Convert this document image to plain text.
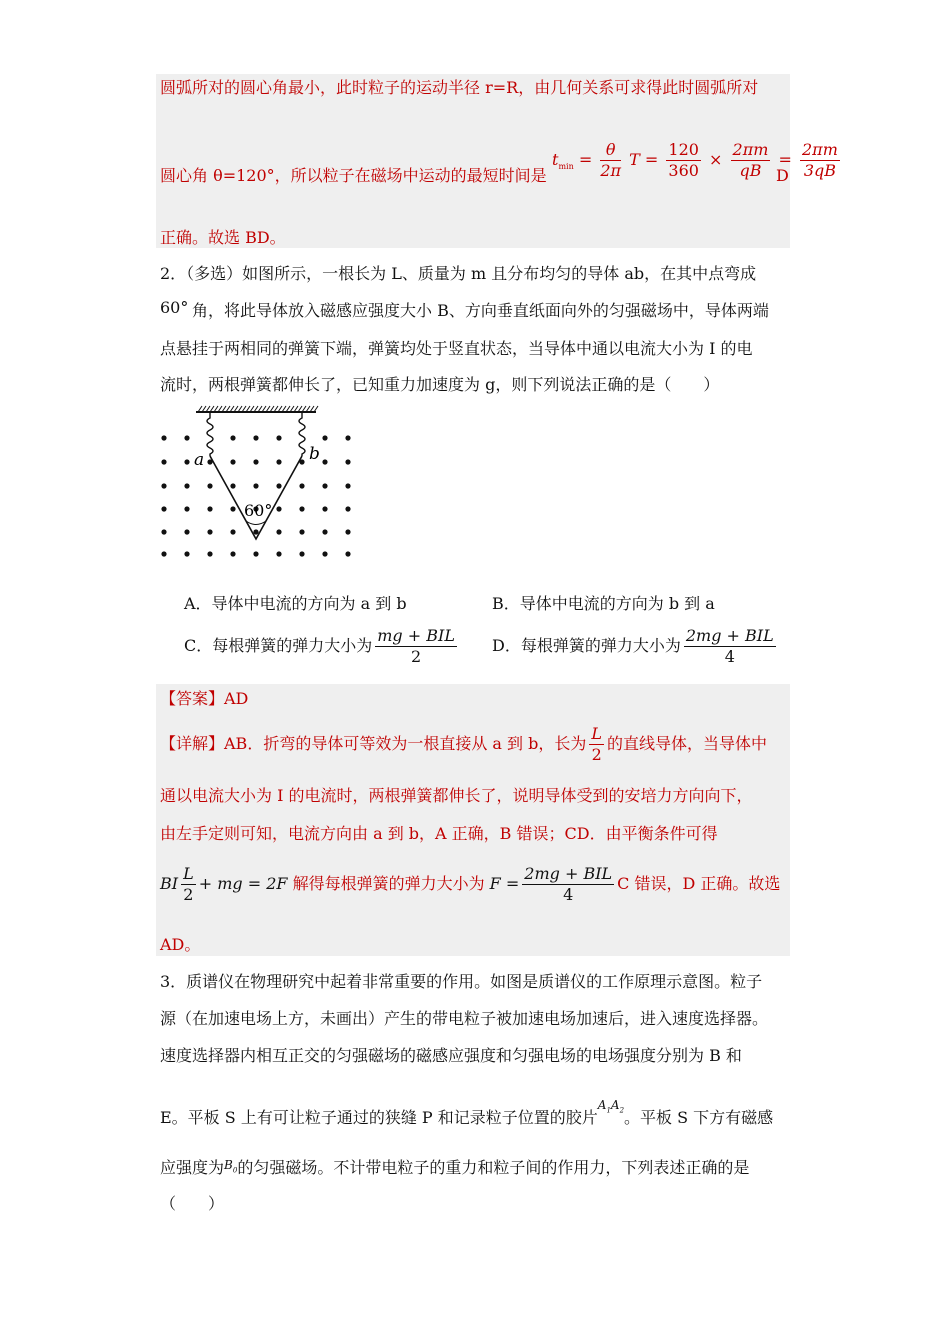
圆弧所对的圆心角最小，此时粒子的运动半径 r=R，由几何关系可求得此时圆弧所对
圆心角 θ=120°，所以粒子在磁场中运动的最短时间是
$t_{min} = \frac{\theta}{2\pi}$ $T = \frac{120}{360} \times \frac{2\pi m}{qB} = \frac{2\pi m}{3qB}$
D
正确。故选 BD。
2．（多选）如图所示，一根长为 L、质量为 m 且分布均匀的导体 ab，在其中点弯成
60° 角，将此导体放入磁感应强度大小 B、方向垂直纸面向外的匀强磁场中，导体两端
点悬挂于两相同的弹簧下端，弹簧均处于竖直状态，当导体中通以电流大小为 I 的电
流时，两根弹簧都伸长了，已知重力加速度为 g，则下列说法正确的是（　　）
a	b
60°
A．导体中电流的方向为 a 到 b	B．导体中电流的方向为 b 到 a
C．每根弹簧的弹力大小为 $\frac{\text{mg + BIL}}{2}$ D．每根弹簧的弹力大小为 $\frac{\text{2mg + BIL}}{4}$
【答案】AD
【详解】AB．折弯的导体可等效为一根直接从 a 到 b，长为 $\frac{L}{2}$ 的直线导体，当导体中
通以电流大小为 I 的电流时，两根弹簧都伸长了，说明导体受到的安培力方向向下，
由左手定则可知，电流方向由 a 到 b，A 正确，B 错误；CD．由平衡条件可得
BI $\frac{L}{2}$ + mg = 2F 解得每根弹簧的弹力大小为 $F = \frac{\text{2mg + BIL}}{4}$ C 错误，D 正确。故选
AD。
3．质谱仪在物理研究中起着非常重要的作用。如图是质谱仪的工作原理示意图。粒子
源（在加速电场上方，未画出）产生的带电粒子被加速电场加速后，进入速度选择器。
速度选择器内相互正交的匀强磁场的磁感应强度和匀强电场的电场强度分别为 B 和
E。平板 S 上有可让粒子通过的狭缝 P 和记录粒子位置的胶片$^{A_1A_2}$。平板 S 下方有磁感
应强度为$^{B_0}$的匀强磁场。不计带电粒子的重力和粒子间的作用力，下列表述正确的是
（　　）
